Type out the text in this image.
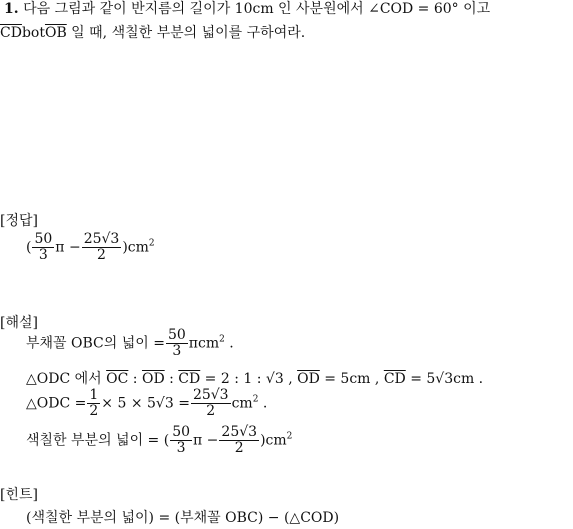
1. 다음 그림과 같이 반지름의 길이가 10cm 인 사분원에서 ∠COD = 60° 이고
$\overline{CD}bot\overline{OB}$ 일 때, 색칠한 부분의 넓이를 구하여라.
[정답]
( $\frac{50}{3}$ $\pi - \frac{25√3}{2} )cm^2$
[해설]
부채꼴 OBC의 넓이 = $\frac{50}{3} \pi cm^2$ .
△ODC 에서 $\overline{OC}$ : $\overline{OD}$ : $\overline{CD} = 2$ : 1 : √3 , $\overline{OD} = 5cm$ , $\overline{CD} = 5√3cm$ .
△ODC = $\frac{1}{2} \times 5 \times 5√3 = \frac{25√3}{2} cm^2$ .
색칠한 부분의 넓이 = ( $\frac{50}{3}$ $\pi - \frac{25√3}{2} )cm^2$
[힌트]
(색칠한 부분의 넓이) = (부채꼴 OBC) − (△COD)
